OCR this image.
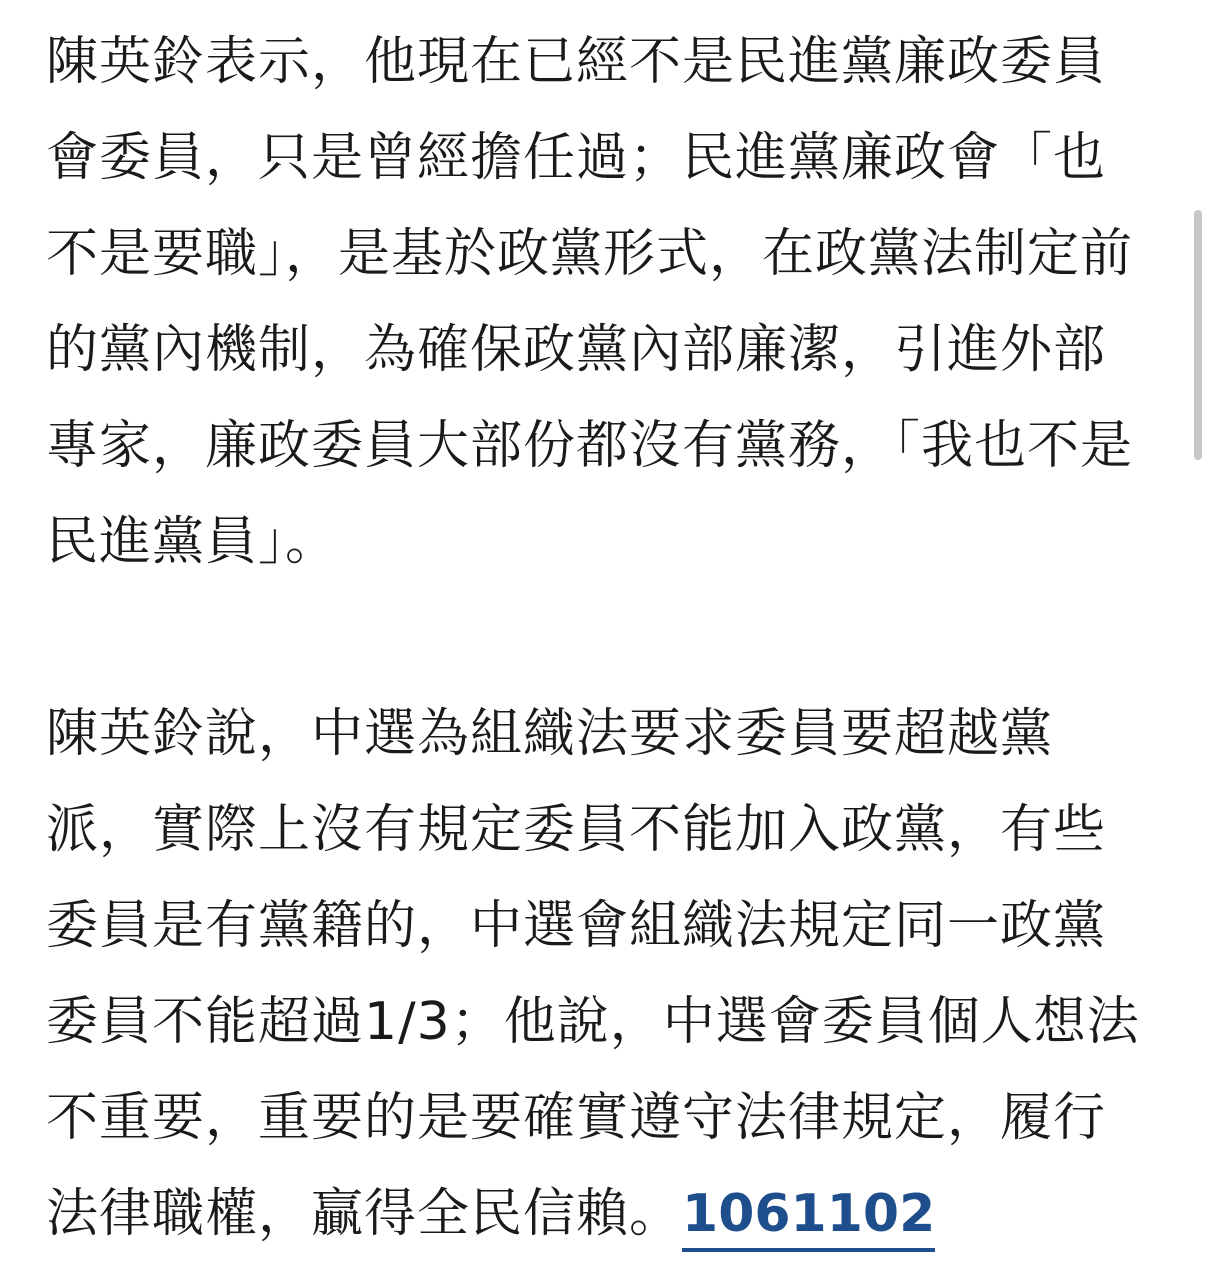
陳英鈴表示，他現在已經不是民進黨廉政委員會委員，只是曾經擔任過；民進黨廉政會「也不是要職」，是基於政黨形式，在政黨法制定前的黨內機制，為確保政黨內部廉潔，引進外部專家，廉政委員大部份都沒有黨務，「我也不是民進黨員」。

陳英鈴說，中選為組織法要求委員要超越黨派，實際上沒有規定委員不能加入政黨，有些委員是有黨籍的，中選會組織法規定同一政黨委員不能超過1/3；他說，中選會委員個人想法不重要，重要的是要確實遵守法律規定，履行法律職權，贏得全民信賴。1061102
